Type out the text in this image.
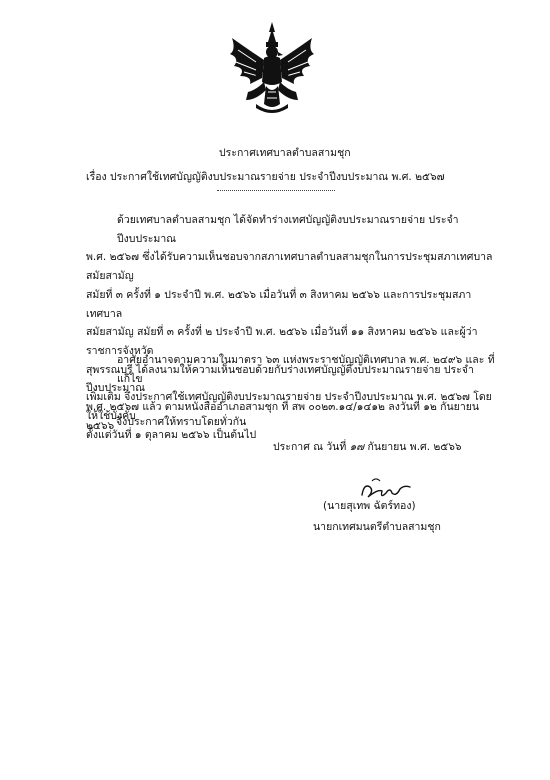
ประกาศเทศบาลตำบลสามชุก
เรื่อง ประกาศใช้เทศบัญญัติงบประมาณรายจ่าย ประจำปีงบประมาณ พ.ศ. ๒๕๖๗
ด้วยเทศบาลตำบลสามชุก ได้จัดทำร่างเทศบัญญัติงบประมาณรายจ่าย ประจำปีงบประมาณ
พ.ศ. ๒๕๖๗ ซึ่งได้รับความเห็นชอบจากสภาเทศบาลตำบลสามชุกในการประชุมสภาเทศบาล สมัยสามัญ
สมัยที่ ๓ ครั้งที่ ๑ ประจำปี พ.ศ. ๒๕๖๖ เมื่อวันที่ ๓ สิงหาคม ๒๕๖๖ และการประชุมสภาเทศบาล
สมัยสามัญ สมัยที่ ๓ ครั้งที่ ๒ ประจำปี พ.ศ. ๒๕๖๖ เมื่อวันที่ ๑๑ สิงหาคม ๒๕๖๖ และผู้ว่าราชการจังหวัด
สุพรรณบุรี ได้ลงนามให้ความเห็นชอบด้วยกับร่างเทศบัญญัติงบประมาณรายจ่าย ประจำปีงบประมาณ
พ.ศ. ๒๕๖๗ แล้ว ตามหนังสืออำเภอสามชุก ที่ สพ ๐๐๒๓.๑๔/๑๔๑๒ ลงวันที่ ๑๒ กันยายน ๒๕๖๖
อาศัยอำนาจตามความในมาตรา ๖๓ แห่งพระราชบัญญัติเทศบาล พ.ศ. ๒๔๙๖ และ ที่แก้ไข
เพิ่มเติม จึงประกาศใช้เทศบัญญัติงบประมาณรายจ่าย ประจำปีงบประมาณ พ.ศ. ๒๕๖๗ โดยให้ใช้บังคับ
ตั้งแต่วันที่ ๑ ตุลาคม ๒๕๖๖ เป็นต้นไป
จึงประกาศให้ทราบโดยทั่วกัน
ประกาศ ณ วันที่ ๑๗ กันยายน พ.ศ. ๒๕๖๖
(นายสุเทพ ฉัตร์ทอง)
นายกเทศมนตรีตำบลสามชุก
